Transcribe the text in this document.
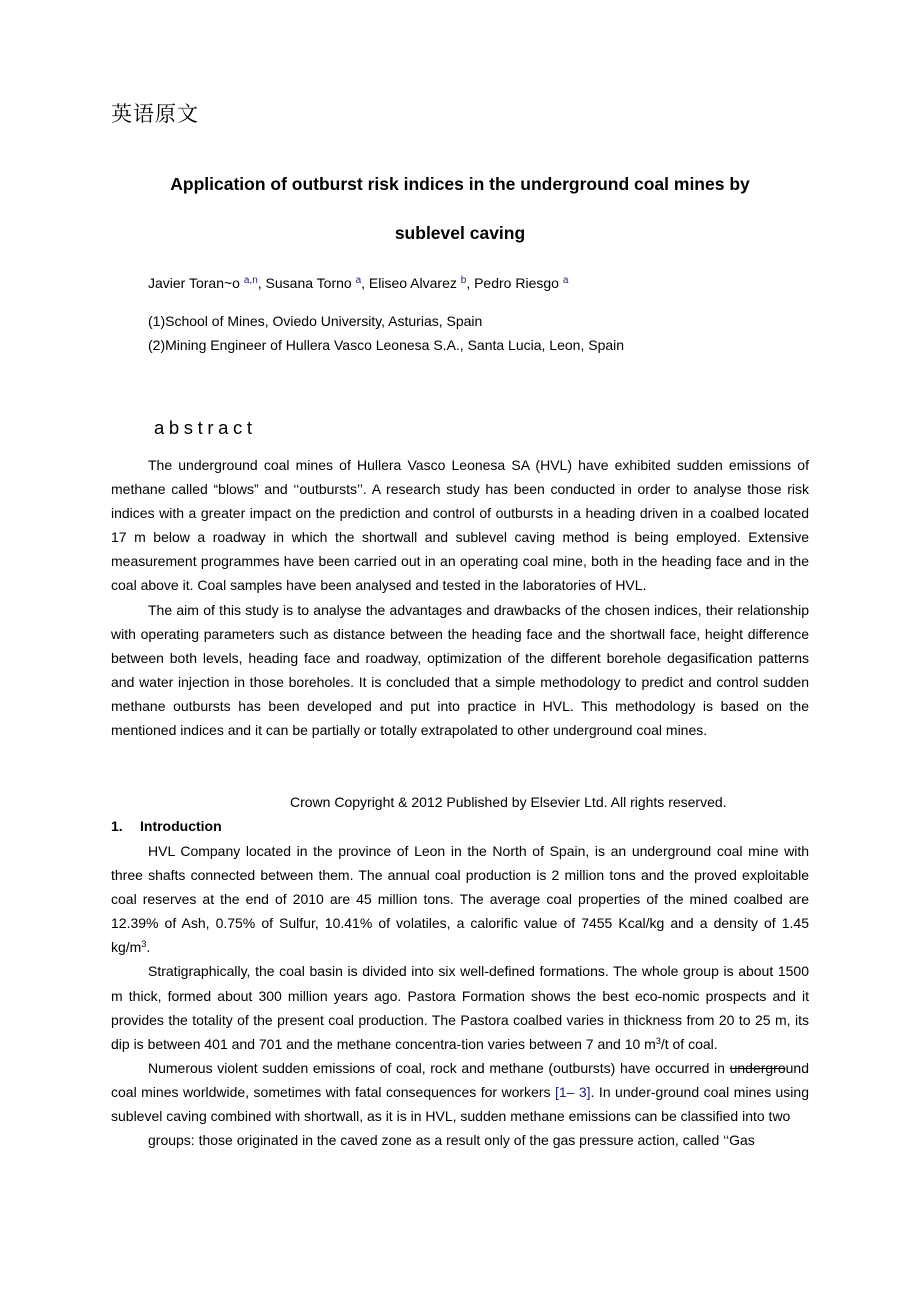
英语原文
Application of outburst risk indices in the underground coal mines by
sublevel caving
Javier Toran~o $^{a,n}$, Susana Torno $^a$, Eliseo Alvarez $^b$, Pedro Riesgo $^a$
(1)School of Mines, Oviedo University, Asturias, Spain
(2)Mining Engineer of Hullera Vasco Leonesa S.A., Santa Lucia, Leon, Spain
abstract

The underground coal mines of Hullera Vasco Leonesa SA (HVL) have exhibited sudden emissions of methane called “blows” and ‘‘outbursts’’. A research study has been conducted in order to analyse those risk indices with a greater impact on the prediction and control of outbursts in a heading driven in a coalbed located 17 m below a roadway in which the shortwall and sublevel caving method is being employed. Extensive measurement programmes have been carried out in an operating coal mine, both in the heading face and in the coal above it. Coal samples have been analysed and tested in the laboratories of HVL.

The aim of this study is to analyse the advantages and drawbacks of the chosen indices, their relationship with operating parameters such as distance between the heading face and the shortwall face, height difference between both levels, heading face and roadway, optimization of the different borehole degasification patterns and water injection in those boreholes. It is concluded that a simple methodology to predict and control sudden methane outbursts has been developed and put into practice in HVL. This methodology is based on the mentioned indices and it can be partially or totally extrapolated to other underground coal mines.

Crown Copyright & 2012 Published by Elsevier Ltd. All rights reserved.
1. Introduction

HVL Company located in the province of Leon in the North of Spain, is an underground coal mine with three shafts connected between them. The annual coal production is 2 million tons and the proved exploitable coal reserves at the end of 2010 are 45 million tons. The average coal properties of the mined coalbed are 12.39% of Ash, 0.75% of Sulfur, 10.41% of volatiles, a calorific value of 7455 Kcal/kg and a density of 1.45 $kg/m^3$.

Stratigraphically, the coal basin is divided into six well-defined formations. The whole group is about 1500 m thick, formed about 300 million years ago. Pastora Formation shows the best eco-nomic prospects and it provides the totality of the present coal production. The Pastora coalbed varies in thickness from 20 to 25 m, its dip is between 401 and 701 and the methane concentra-tion varies between 7 and 10 $m^3/t$ of coal.

Numerous violent sudden emissions of coal, rock and methane (outbursts) have occurred in underground coal mines worldwide, sometimes with fatal consequences for workers [1– 3]. In under-ground coal mines using sublevel caving combined with shortwall, as it is in HVL, sudden methane emissions can be classified into two

groups: those originated in the caved zone as a result only of the gas pressure action, called ‘‘Gas
